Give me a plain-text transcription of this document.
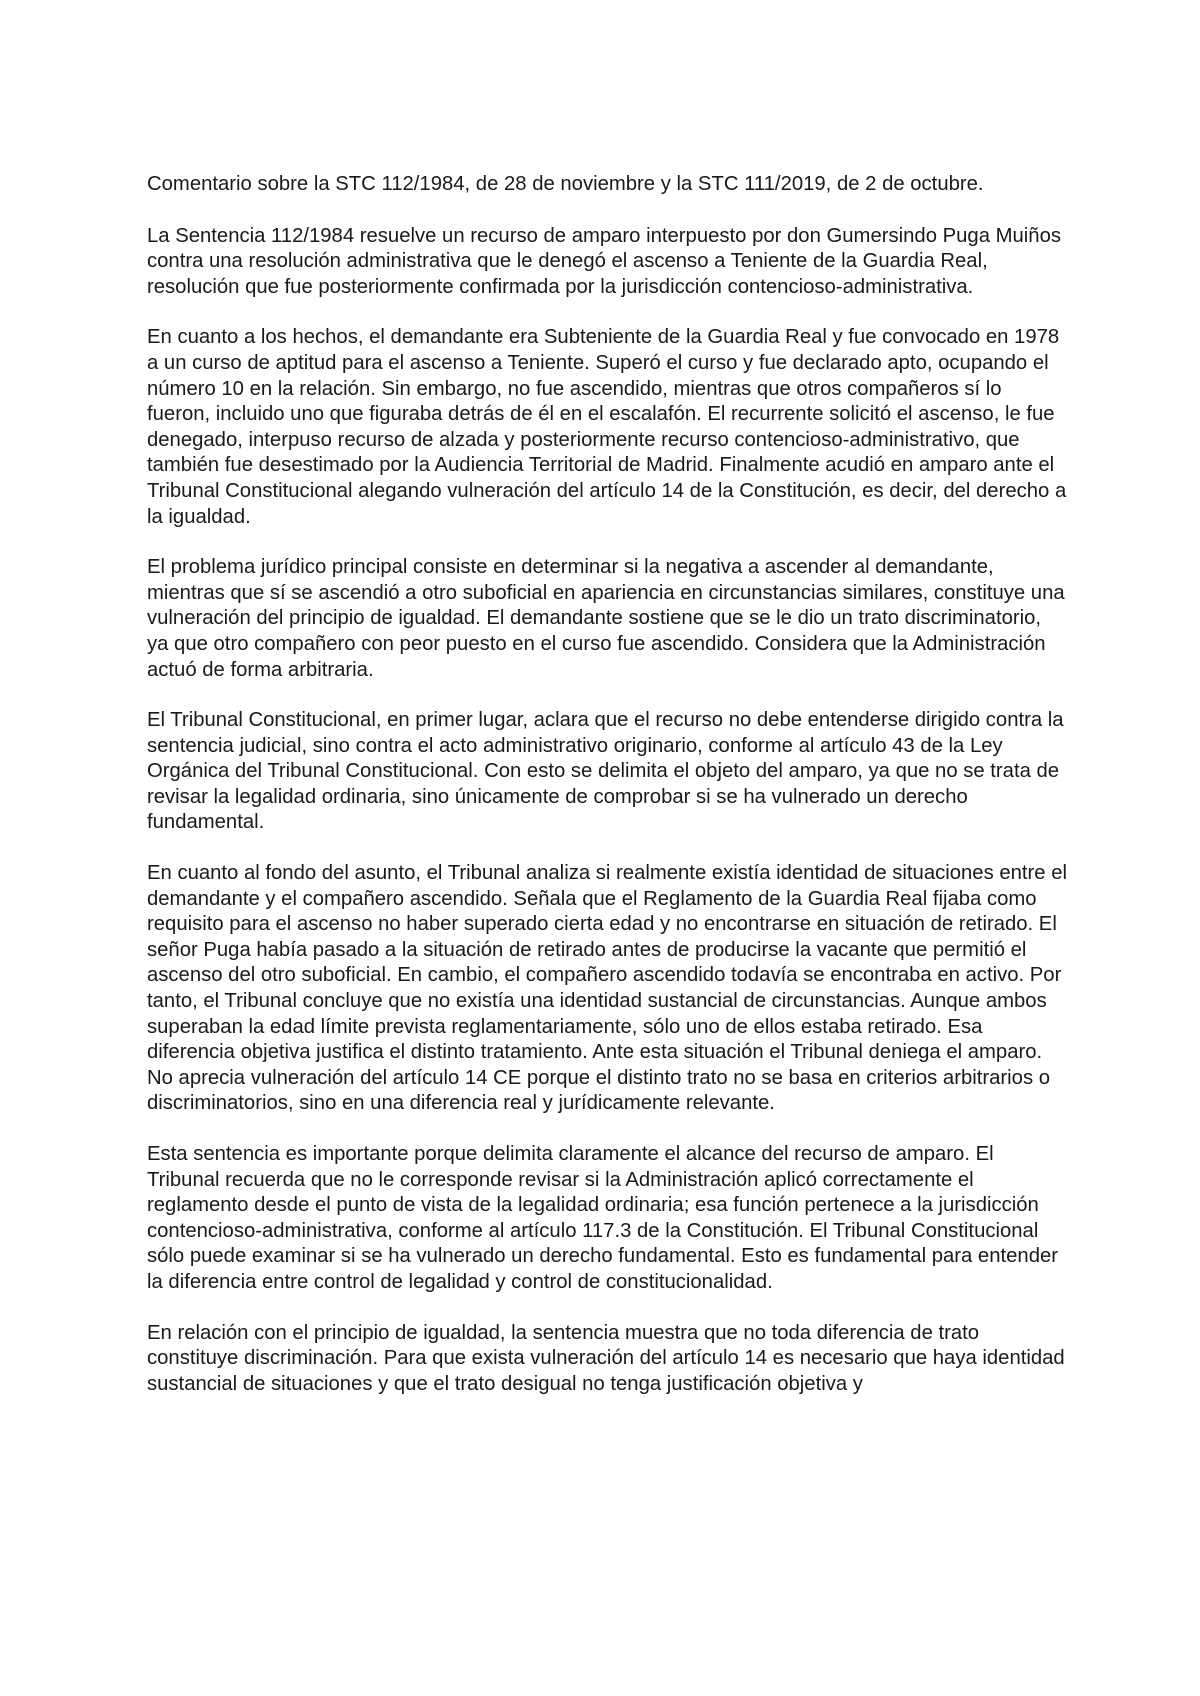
Comentario sobre la STC 112/1984, de 28 de noviembre y la STC 111/2019, de 2 de octubre.

La Sentencia 112/1984 resuelve un recurso de amparo interpuesto por don Gumersindo Puga Muiños contra una resolución administrativa que le denegó el ascenso a Teniente de la Guardia Real, resolución que fue posteriormente confirmada por la jurisdicción contencioso-administrativa.

En cuanto a los hechos, el demandante era Subteniente de la Guardia Real y fue convocado en 1978 a un curso de aptitud para el ascenso a Teniente. Superó el curso y fue declarado apto, ocupando el número 10 en la relación. Sin embargo, no fue ascendido, mientras que otros compañeros sí lo fueron, incluido uno que figuraba detrás de él en el escalafón. El recurrente solicitó el ascenso, le fue denegado, interpuso recurso de alzada y posteriormente recurso contencioso-administrativo, que también fue desestimado por la Audiencia Territorial de Madrid. Finalmente acudió en amparo ante el Tribunal Constitucional alegando vulneración del artículo 14 de la Constitución, es decir, del derecho a la igualdad.

El problema jurídico principal consiste en determinar si la negativa a ascender al demandante, mientras que sí se ascendió a otro suboficial en apariencia en circunstancias similares, constituye una vulneración del principio de igualdad. El demandante sostiene que se le dio un trato discriminatorio, ya que otro compañero con peor puesto en el curso fue ascendido. Considera que la Administración actuó de forma arbitraria.

El Tribunal Constitucional, en primer lugar, aclara que el recurso no debe entenderse dirigido contra la sentencia judicial, sino contra el acto administrativo originario, conforme al artículo 43 de la Ley Orgánica del Tribunal Constitucional. Con esto se delimita el objeto del amparo, ya que no se trata de revisar la legalidad ordinaria, sino únicamente de comprobar si se ha vulnerado un derecho fundamental.

En cuanto al fondo del asunto, el Tribunal analiza si realmente existía identidad de situaciones entre el demandante y el compañero ascendido. Señala que el Reglamento de la Guardia Real fijaba como requisito para el ascenso no haber superado cierta edad y no encontrarse en situación de retirado. El señor Puga había pasado a la situación de retirado antes de producirse la vacante que permitió el ascenso del otro suboficial. En cambio, el compañero ascendido todavía se encontraba en activo. Por tanto, el Tribunal concluye que no existía una identidad sustancial de circunstancias. Aunque ambos superaban la edad límite prevista reglamentariamente, sólo uno de ellos estaba retirado. Esa diferencia objetiva justifica el distinto tratamiento. Ante esta situación el Tribunal deniega el amparo. No aprecia vulneración del artículo 14 CE porque el distinto trato no se basa en criterios arbitrarios o discriminatorios, sino en una diferencia real y jurídicamente relevante.

Esta sentencia es importante porque delimita claramente el alcance del recurso de amparo. El Tribunal recuerda que no le corresponde revisar si la Administración aplicó correctamente el reglamento desde el punto de vista de la legalidad ordinaria; esa función pertenece a la jurisdicción contencioso-administrativa, conforme al artículo 117.3 de la Constitución. El Tribunal Constitucional sólo puede examinar si se ha vulnerado un derecho fundamental. Esto es fundamental para entender la diferencia entre control de legalidad y control de constitucionalidad.

En relación con el principio de igualdad, la sentencia muestra que no toda diferencia de trato constituye discriminación. Para que exista vulneración del artículo 14 es necesario que haya identidad sustancial de situaciones y que el trato desigual no tenga justificación objetiva y
